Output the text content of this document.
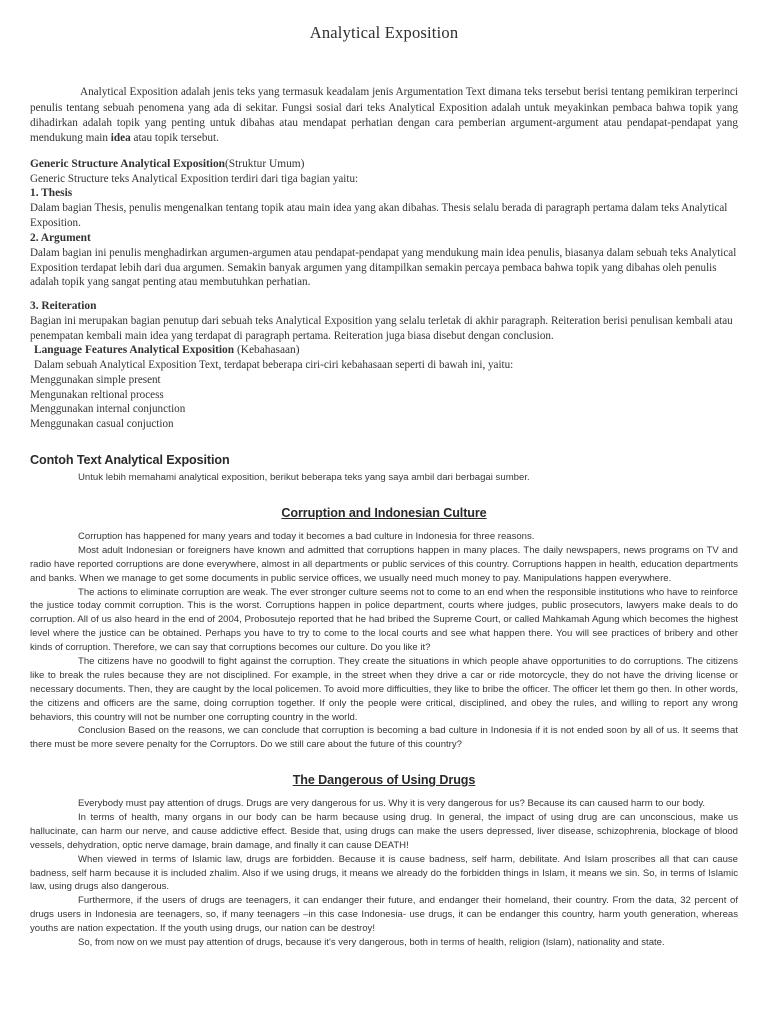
Analytical Exposition

Analytical Exposition adalah jenis teks yang termasuk keadalam jenis Argumentation Text dimana teks tersebut berisi tentang pemikiran terperinci penulis tentang sebuah penomena yang ada di sekitar. Fungsi sosial dari teks Analytical Exposition adalah untuk meyakinkan pembaca bahwa topik yang dihadirkan adalah topik yang penting untuk dibahas atau mendapat perhatian dengan cara pemberian argument-argument atau pendapat-pendapat yang mendukung main idea atau topik tersebut.

Generic Structure Analytical Exposition(Struktur Umum)

Generic Structure teks Analytical Exposition terdiri dari tiga bagian yaitu:

1. Thesis

Dalam bagian Thesis, penulis mengenalkan tentang topik atau main idea yang akan dibahas. Thesis selalu berada di paragraph pertama dalam teks Analytical Exposition.

2. Argument

Dalam bagian ini penulis menghadirkan argumen-argumen atau pendapat-pendapat yang mendukung main idea penulis, biasanya dalam sebuah teks Analytical Exposition terdapat lebih dari dua argumen. Semakin banyak argumen yang ditampilkan semakin percaya pembaca bahwa topik yang dibahas oleh penulis adalah topik yang sangat penting atau membutuhkan perhatian.

3. Reiteration

Bagian ini merupakan bagian penutup dari sebuah teks Analytical Exposition yang selalu terletak di akhir paragraph. Reiteration berisi penulisan kembali atau penempatan kembali main idea yang terdapat di paragraph pertama. Reiteration juga biasa disebut dengan conclusion.

Language Features Analytical Exposition (Kebahasaan)

Dalam sebuah Analytical Exposition Text, terdapat beberapa ciri-ciri kebahasaan seperti di bawah ini, yaitu:

Menggunakan simple present

Mengunakan reltional process

Menggunakan internal conjunction

Menggunakan casual conjuction

Contoh Text Analytical Exposition

Untuk lebih memahami analytical exposition, berikut beberapa teks yang saya ambil dari berbagai sumber.

Corruption and Indonesian Culture

Corruption has happened for many years and today it becomes a bad culture in Indonesia for three reasons.

Most adult Indonesian or foreigners have known and admitted that corruptions happen in many places. The daily newspapers, news programs on TV and radio have reported corruptions are done everywhere, almost in all departments or public services of this country. Corruptions happen in health, education departments and banks. When we manage to get some documents in public service offices, we usually need much money to pay. Manipulations happen everywhere.

The actions to eliminate corruption are weak. The ever stronger culture seems not to come to an end when the responsible institutions who have to reinforce the justice today commit corruption. This is the worst. Corruptions happen in police department, courts where judges, public prosecutors, lawyers make deals to do corruption. All of us also heard in the end of 2004, Probosutejo reported that he had bribed the Supreme Court, or called Mahkamah Agung which becomes the highest level where the justice can be obtained. Perhaps you have to try to come to the local courts and see what happen there. You will see practices of bribery and other kinds of corruption. Therefore, we can say that corruptions becomes our culture. Do you like it?

The citizens have no goodwill to fight against the corruption. They create the situations in which people ahave opportunities to do corruptions. The citizens like to break the rules because they are not disciplined. For example, in the street when they drive a car or ride motorcycle, they do not have the driving license or necessary documents. Then, they are caught by the local policemen. To avoid more difficulties, they like to bribe the officer. The officer let them go then. In other words, the citizens and officers are the same, doing corruption together. If only the people were critical, disciplined, and obey the rules, and willing to report any wrong behaviors, this country will not be number one corrupting country in the world.

Conclusion Based on the reasons, we can conclude that corruption is becoming a bad culture in Indonesia if it is not ended soon by all of us. It seems that there must be more severe penalty for the Corruptors. Do we still care about the future of this country?

The Dangerous of Using Drugs

Everybody must pay attention of drugs. Drugs are very dangerous for us. Why it is very dangerous for us? Because its can caused harm to our body.

In terms of health, many organs in our body can be harm because using drug. In general, the impact of using drug are can unconscious, make us hallucinate, can harm our nerve, and cause addictive effect. Beside that, using drugs can make the users depressed, liver disease, schizophrenia, blockage of blood vessels, dehydration, optic nerve damage, brain damage, and finally it can cause DEATH!

When viewed in terms of Islamic law, drugs are forbidden. Because it is cause badness, self harm, debilitate. And Islam proscribes all that can cause badness, self harm because it is included zhalim. Also if we using drugs, it means we already do the forbidden things in Islam, it means we sin. So, in terms of Islamic law, using drugs also dangerous.

Furthermore, if the users of drugs are teenagers, it can endanger their future, and endanger their homeland, their country. From the data, 32 percent of drugs users in Indonesia are teenagers, so, if many teenagers –in this case Indonesia- use drugs, it can be endanger this country, harm youth generation, whereas youths are nation expectation. If the youth using drugs, our nation can be destroy!

So, from now on we must pay attention of drugs, because it's very dangerous, both in terms of health, religion (Islam), nationality and state.
